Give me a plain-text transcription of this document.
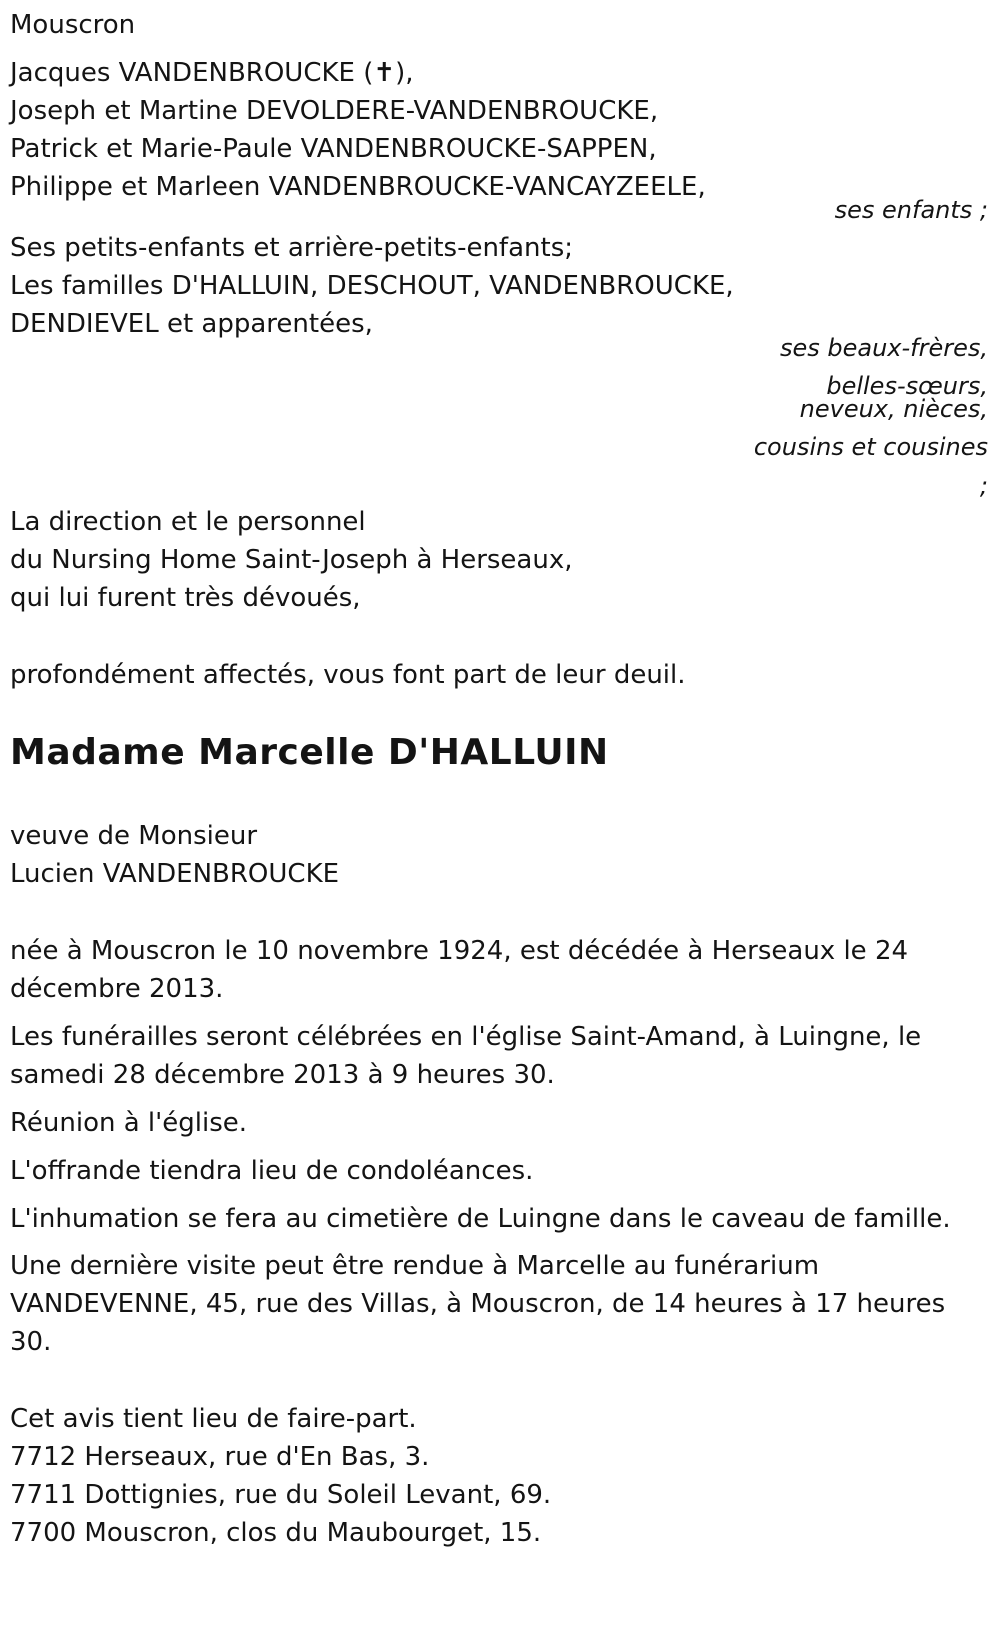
Mouscron
Jacques VANDENBROUCKE (✝),
Joseph et Martine DEVOLDERE-VANDENBROUCKE,
Patrick et Marie-Paule VANDENBROUCKE-SAPPEN,
Philippe et Marleen VANDENBROUCKE-VANCAYZEELE,
ses enfants ;
Ses petits-enfants et arrière-petits-enfants;
Les familles D'HALLUIN, DESCHOUT, VANDENBROUCKE,
DENDIEVEL et apparentées,
ses beaux-frères,
belles-sœurs,
neveux, nièces,
cousins et cousines
;
La direction et le personnel
du Nursing Home Saint-Joseph à Herseaux,
qui lui furent très dévoués,
profondément affectés, vous font part de leur deuil.
Madame Marcelle D'HALLUIN
veuve de Monsieur
Lucien VANDENBROUCKE
née à Mouscron le 10 novembre 1924, est décédée à Herseaux le 24
décembre 2013.
Les funérailles seront célébrées en l'église Saint-Amand, à Luingne, le
samedi 28 décembre 2013 à 9 heures 30.
Réunion à l'église.
L'offrande tiendra lieu de condoléances.
L'inhumation se fera au cimetière de Luingne dans le caveau de famille.
Une dernière visite peut être rendue à Marcelle au funérarium
VANDEVENNE, 45, rue des Villas, à Mouscron, de 14 heures à 17 heures
30.
Cet avis tient lieu de faire-part.
7712 Herseaux, rue d'En Bas, 3.
7711 Dottignies, rue du Soleil Levant, 69.
7700 Mouscron, clos du Maubourget, 15.
